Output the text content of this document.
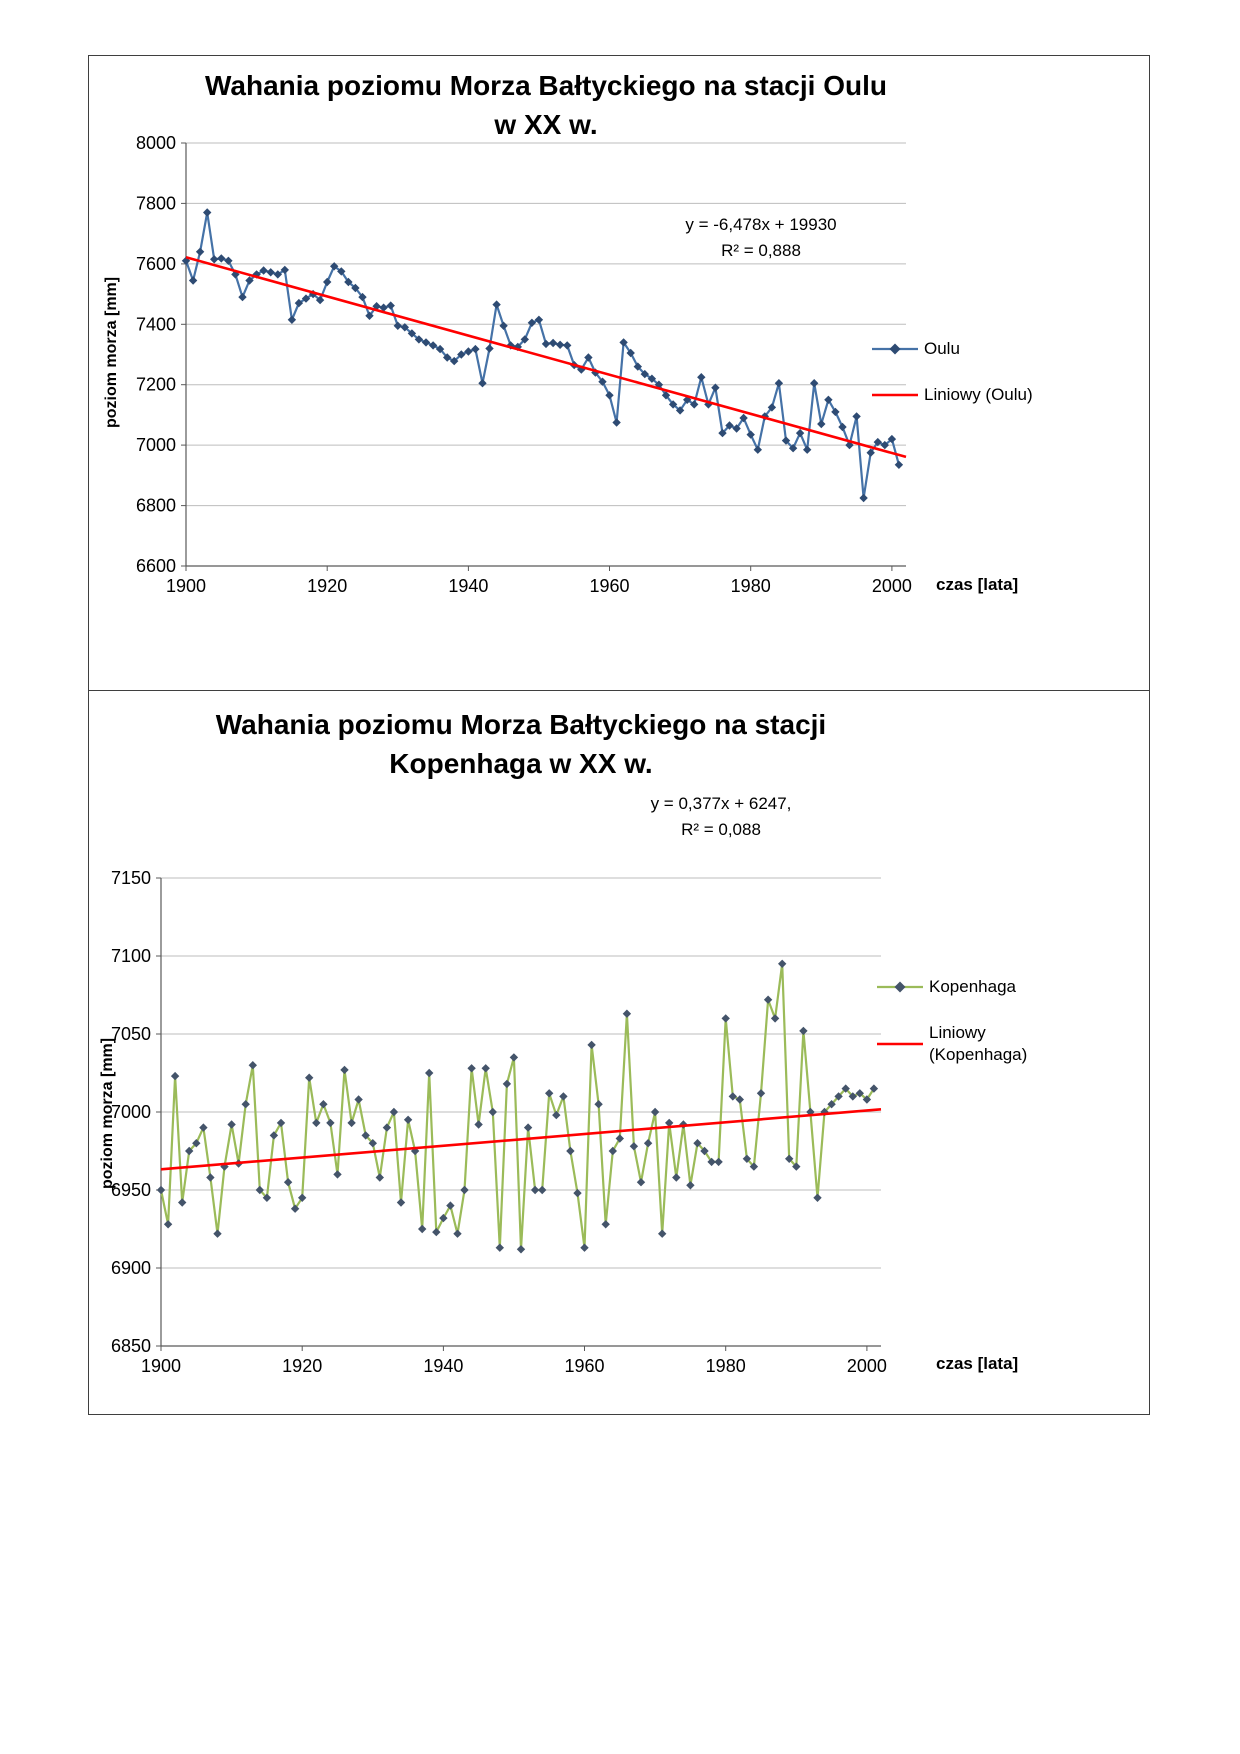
6600
6800
7000
7200
7400
7600
7800
8000
1900	1920	1940	1960	1980	2000
Wahania poziomu Morza Bałtyckiego na stacji Oulu
w XX w.
y = -6,478x + 19930
R² = 0,888
poziom morza [mm]
czas [lata]
Oulu
Liniowy (Oulu)
6850
6900
6950
7000
7050
7100
7150
1900	1920	1940	1960	1980	2000
Wahania poziomu Morza Bałtyckiego na stacji
Kopenhaga w XX w.
y = 0,377x + 6247,
R² = 0,088
poziom morza [mm]
czas [lata]
Kopenhaga
Liniowy (Kopenhaga)
